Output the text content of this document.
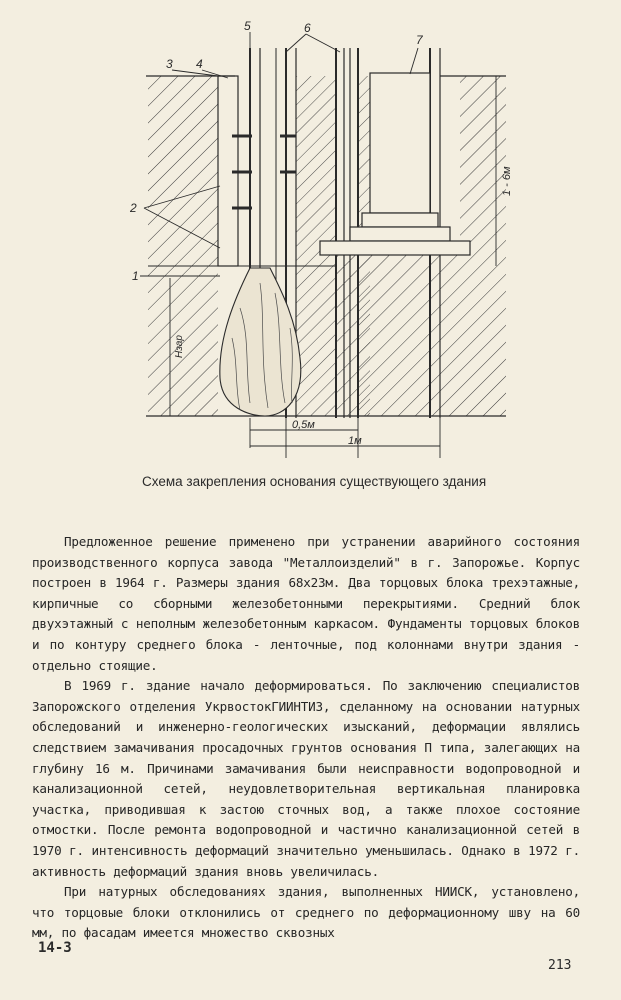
3 4
5	6
7
2
1
1 - 6м
Нзар
0,5м
1м
Схема закрепления основания существующего здания

Предложенное решение применено при устранении аварийного состояния производственного корпуса завода "Металлоизделий" в г. Запорожье. Корпус построен в 1964 г. Размеры здания 68х23м. Два торцовых блока трехэтажные, кирпичные со сборными железобетонными перекрытиями. Средний блок двухэтажный с неполным железобетонным каркасом. Фундаменты торцовых блоков и по контуру среднего блока - ленточные, под колоннами внутри здания - отдельно стоящие.

В 1969 г. здание начало деформироваться. По заключению специалистов Запорожского отделения УкрвостокГИИНТИЗ, сделанному на основании натурных обследований и инженерно-геологических изысканий, деформации являлись следствием замачивания просадочных грунтов основания П типа, залегающих на глубину 16 м. Причинами замачивания были неисправности водопроводной и канализационной сетей, неудовлетворительная вертикальная планировка участка, приводившая к застою сточных вод, а также плохое состояние отмостки. После ремонта водопроводной и частично канализационной сетей в 1970 г. интенсивность деформаций значительно уменьшилась. Однако в 1972 г. активность деформаций здания вновь увеличилась.

При натурных обследованиях здания, выполненных НИИСК, установлено, что торцовые блоки отклонились от среднего по деформационному шву на 60 мм, по фасадам имеется множество сквозных

14-3
213
